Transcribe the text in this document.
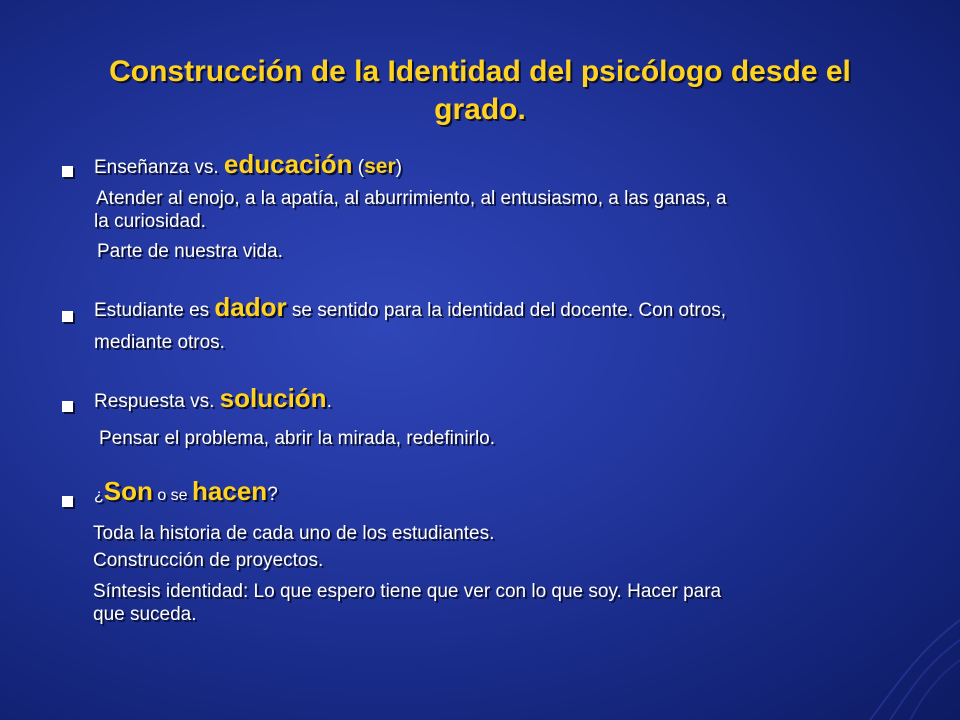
Construcción de la Identidad del psicólogo desde el
grado.
Enseñanza vs. educación (ser)
Atender al enojo, a la apatía, al aburrimiento, al entusiasmo, a las ganas, a
la curiosidad.
Parte de nuestra vida.
Estudiante es dador se sentido para la identidad del docente. Con otros,
mediante otros.
Respuesta vs. solución.
Pensar el problema, abrir la mirada, redefinirlo.
¿Son o se hacen?
Toda la historia de cada uno de los estudiantes.
Construcción de proyectos.
Síntesis identidad: Lo que espero tiene que ver con lo que soy. Hacer para
que suceda.
